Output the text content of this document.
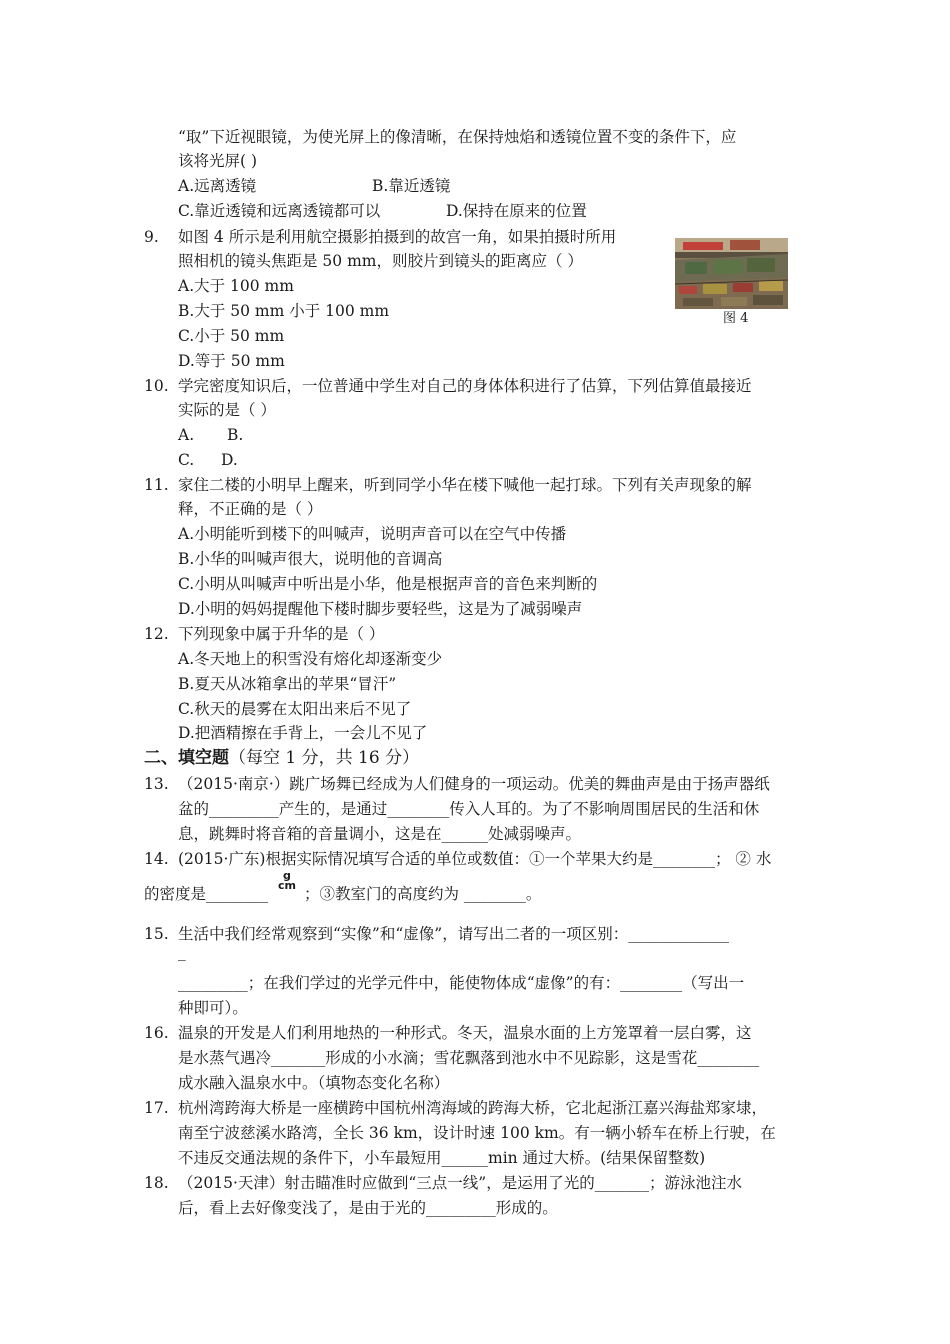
“取”下近视眼镜，为使光屏上的像清晰，在保持烛焰和透镜位置不变的条件下，应
该将光屏( )
A.远离透镜	B.靠近透镜
C.靠近透镜和远离透镜都可以	D.保持在原来的位置
9. 如图 4 所示是利用航空摄影拍摄到的故宫一角，如果拍摄时所用
照相机的镜头焦距是 50 mm，则胶片到镜头的距离应（ ）
A.大于 100 mm
B.大于 50 mm 小于 100 mm
C.小于 50 mm
D.等于 50 mm
图 4
10. 学完密度知识后，一位普通中学生对自己的身体体积进行了估算，下列估算值最接近
实际的是（ ）
A. B.
C. D.
11. 家住二楼的小明早上醒来，听到同学小华在楼下喊他一起打球。下列有关声现象的解
释，不正确的是（ ）
A.小明能听到楼下的叫喊声，说明声音可以在空气中传播
B.小华的叫喊声很大，说明他的音调高
C.小明从叫喊声中听出是小华，他是根据声音的音色来判断的
D.小明的妈妈提醒他下楼时脚步要轻些，这是为了减弱噪声
12. 下列现象中属于升华的是（ ）
A.冬天地上的积雪没有熔化却逐渐变少
B.夏天从冰箱拿出的苹果“冒汗”
C.秋天的晨雾在太阳出来后不见了
D.把酒精擦在手背上，一会儿不见了
二、填空题（每空 1 分，共 16 分）
13. （2015·南京·）跳广场舞已经成为人们健身的一项运动。优美的舞曲声是由于扬声器纸
盆的_________产生的，是通过________传入人耳的。为了不影响周围居民的生活和休
息，跳舞时将音箱的音量调小，这是在______处减弱噪声。
14. (2015·广东)根据实际情况填写合适的单位或数值：①一个苹果大约是________； ② 水
的密度是________
g
cm ；③教室门的高度约为 ________。
15. 生活中我们经常观察到“实像”和“虚像”，请写出二者的一项区别：_____________
_
_________；在我们学过的光学元件中，能使物体成“虚像”的有：________（写出一
种即可）。
16. 温泉的开发是人们利用地热的一种形式。冬天，温泉水面的上方笼罩着一层白雾，这
是水蒸气遇冷_______形成的小水滴；雪花飘落到池水中不见踪影，这是雪花________
成水融入温泉水中。（填物态变化名称）
17. 杭州湾跨海大桥是一座横跨中国杭州湾海域的跨海大桥，它北起浙江嘉兴海盐郑家埭，
南至宁波慈溪水路湾，全长 36 km，设计时速 100 km。有一辆小轿车在桥上行驶，在
不违反交通法规的条件下，小车最短用______min 通过大桥。(结果保留整数)
18. （2015·天津）射击瞄准时应做到“三点一线”，是运用了光的_______；游泳池注水
后，看上去好像变浅了，是由于光的_________形成的。
